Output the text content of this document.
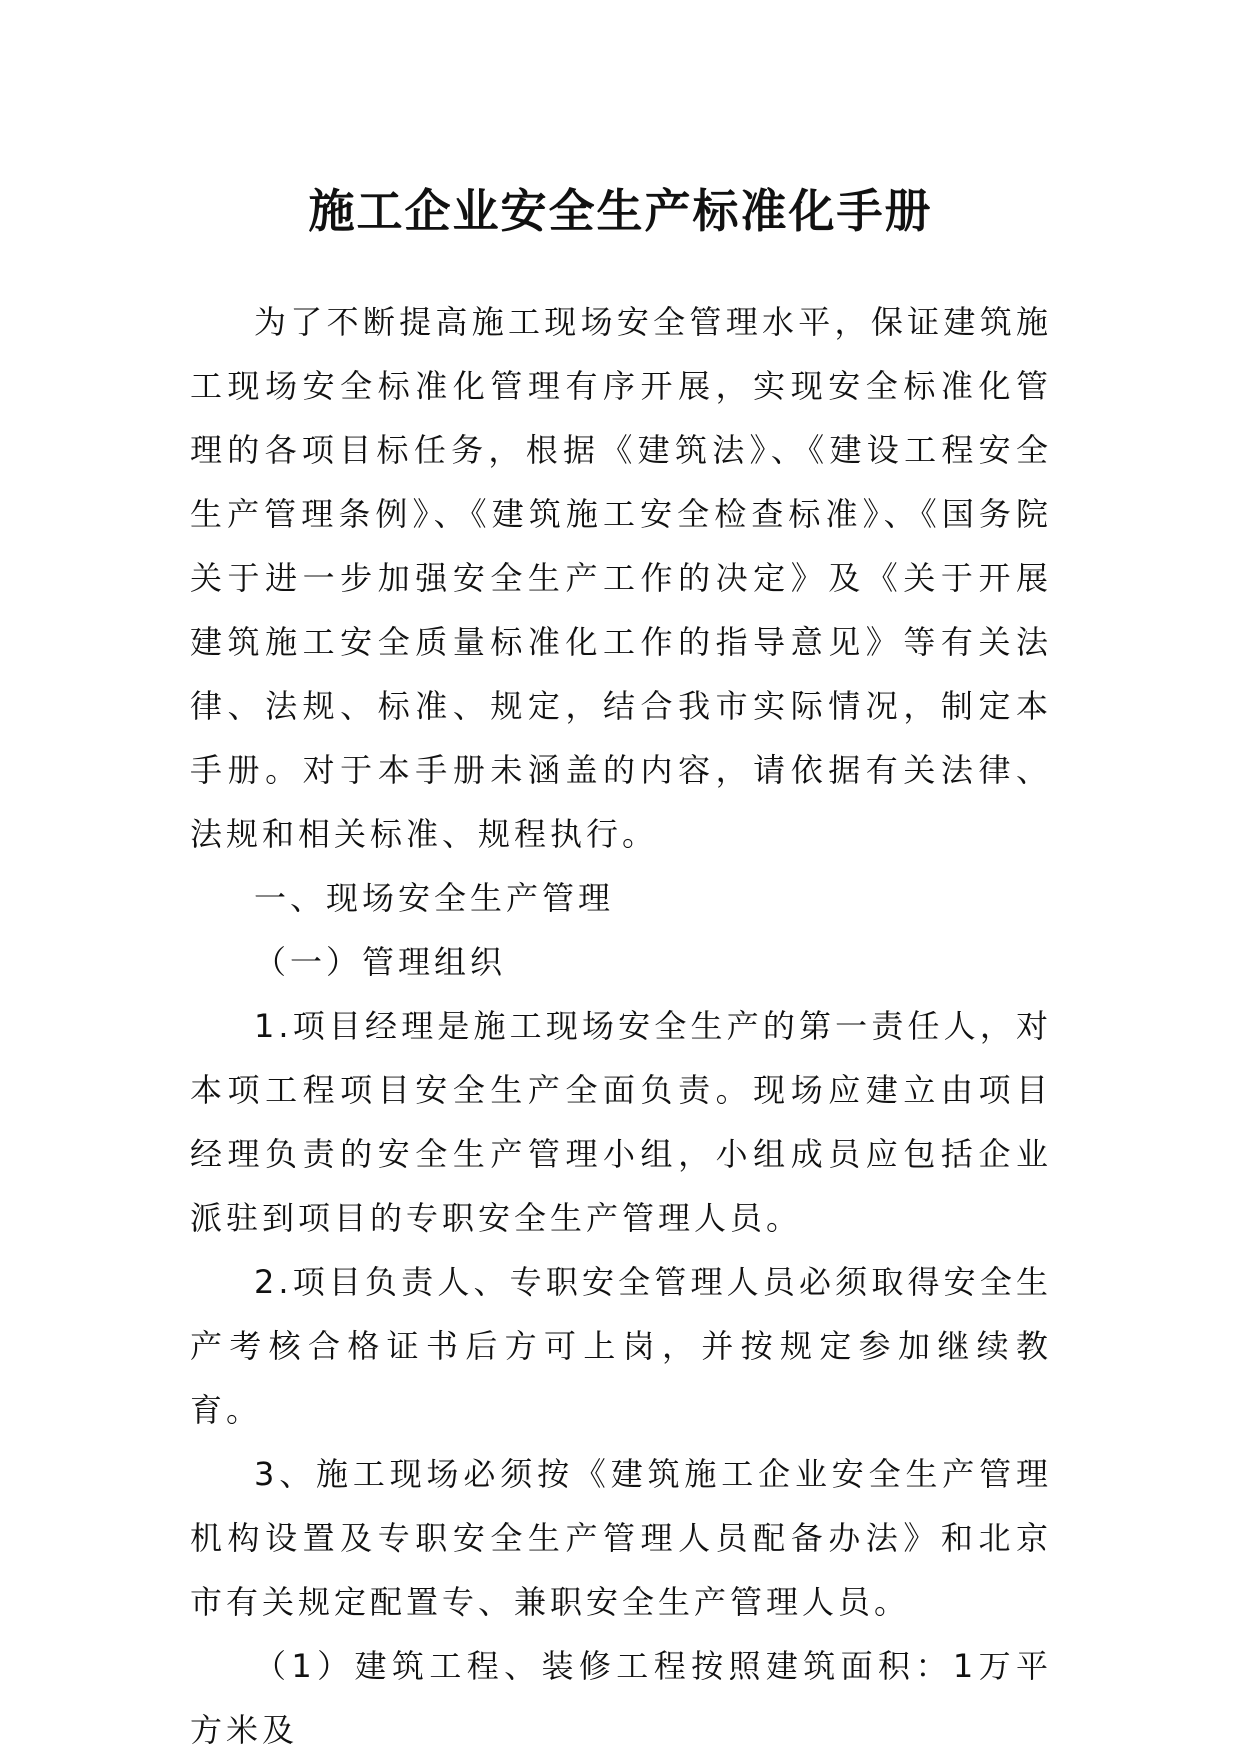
施工企业安全生产标准化手册

为了不断提高施工现场安全管理水平，保证建筑施工现场安全标准化管理有序开展，实现安全标准化管理的各项目标任务，根据《建筑法》、《建设工程安全生产管理条例》、《建筑施工安全检查标准》、《国务院关于进一步加强安全生产工作的决定》及《关于开展建筑施工安全质量标准化工作的指导意见》等有关法律、法规、标准、规定，结合我市实际情况，制定本手册。对于本手册未涵盖的内容，请依据有关法律、法规和相关标准、规程执行。

一、现场安全生产管理

（一）管理组织

1.项目经理是施工现场安全生产的第一责任人，对本项工程项目安全生产全面负责。现场应建立由项目经理负责的安全生产管理小组，小组成员应包括企业派驻到项目的专职安全生产管理人员。

2.项目负责人、专职安全管理人员必须取得安全生产考核合格证书后方可上岗，并按规定参加继续教育。

3、施工现场必须按《建筑施工企业安全生产管理机构设置及专职安全生产管理人员配备办法》和北京市有关规定配置专、兼职安全生产管理人员。

（1）建筑工程、装修工程按照建筑面积：1万平方米及
